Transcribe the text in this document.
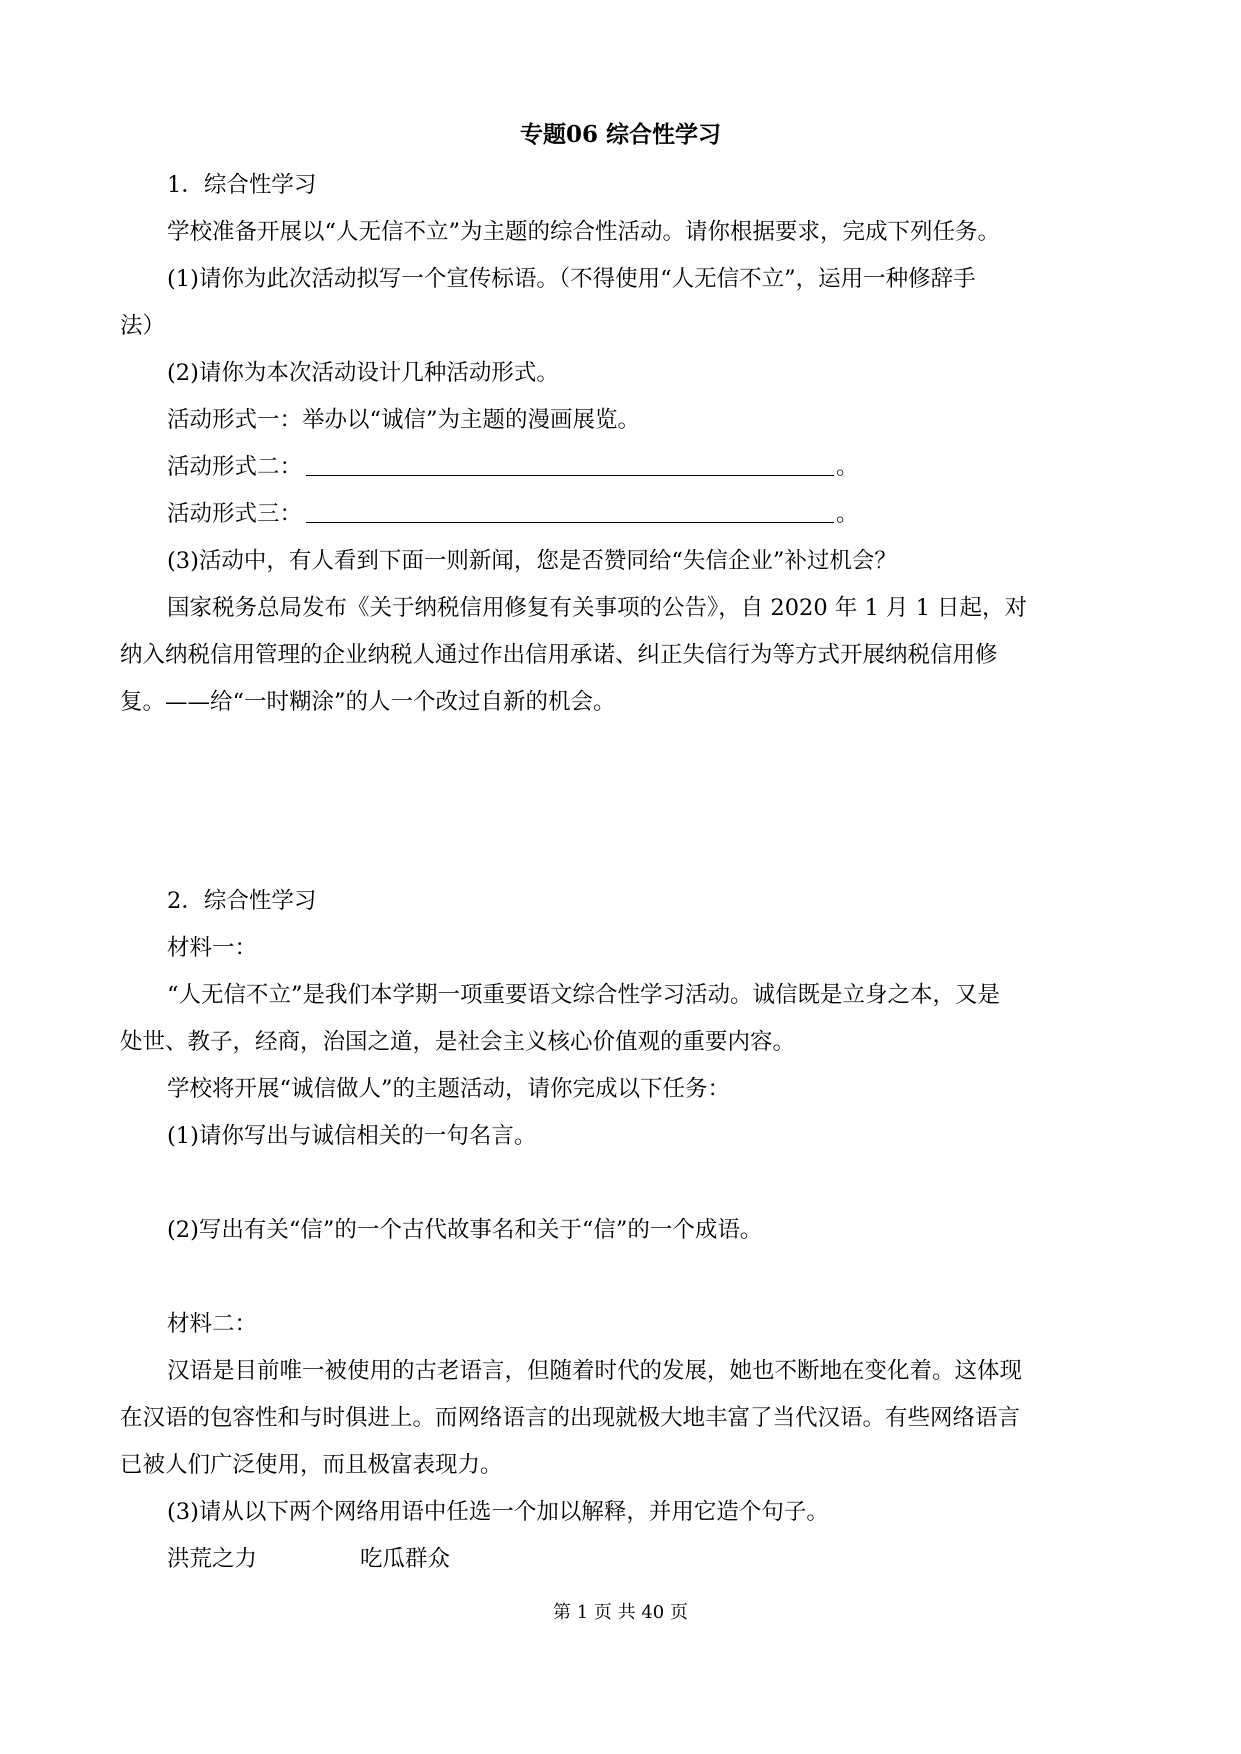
专题06 综合性学习

1．综合性学习

学校准备开展以“人无信不立”为主题的综合性活动。请你根据要求，完成下列任务。

(1)请你为此次活动拟写一个宣传标语。（不得使用“人无信不立”，运用一种修辞手

法）

(2)请你为本次活动设计几种活动形式。

活动形式一：举办以“诚信”为主题的漫画展览。

活动形式二：	。

活动形式三：	。

(3)活动中，有人看到下面一则新闻，您是否赞同给“失信企业”补过机会？

国家税务总局发布《关于纳税信用修复有关事项的公告》，自 2020 年 1 月 1 日起，对

纳入纳税信用管理的企业纳税人通过作出信用承诺、纠正失信行为等方式开展纳税信用修

复。——给“一时糊涂”的人一个改过自新的机会。

2．综合性学习

材料一：

“人无信不立”是我们本学期一项重要语文综合性学习活动。诚信既是立身之本，又是

处世、教子，经商，治国之道，是社会主义核心价值观的重要内容。

学校将开展“诚信做人”的主题活动，请你完成以下任务：

(1)请你写出与诚信相关的一句名言。

(2)写出有关“信”的一个古代故事名和关于“信”的一个成语。

材料二：

汉语是目前唯一被使用的古老语言，但随着时代的发展，她也不断地在变化着。这体现

在汉语的包容性和与时俱进上。而网络语言的出现就极大地丰富了当代汉语。有些网络语言

已被人们广泛使用，而且极富表现力。

(3)请从以下两个网络用语中任选一个加以解释，并用它造个句子。

洪荒之力	吃瓜群众

第 1 页 共 40 页
